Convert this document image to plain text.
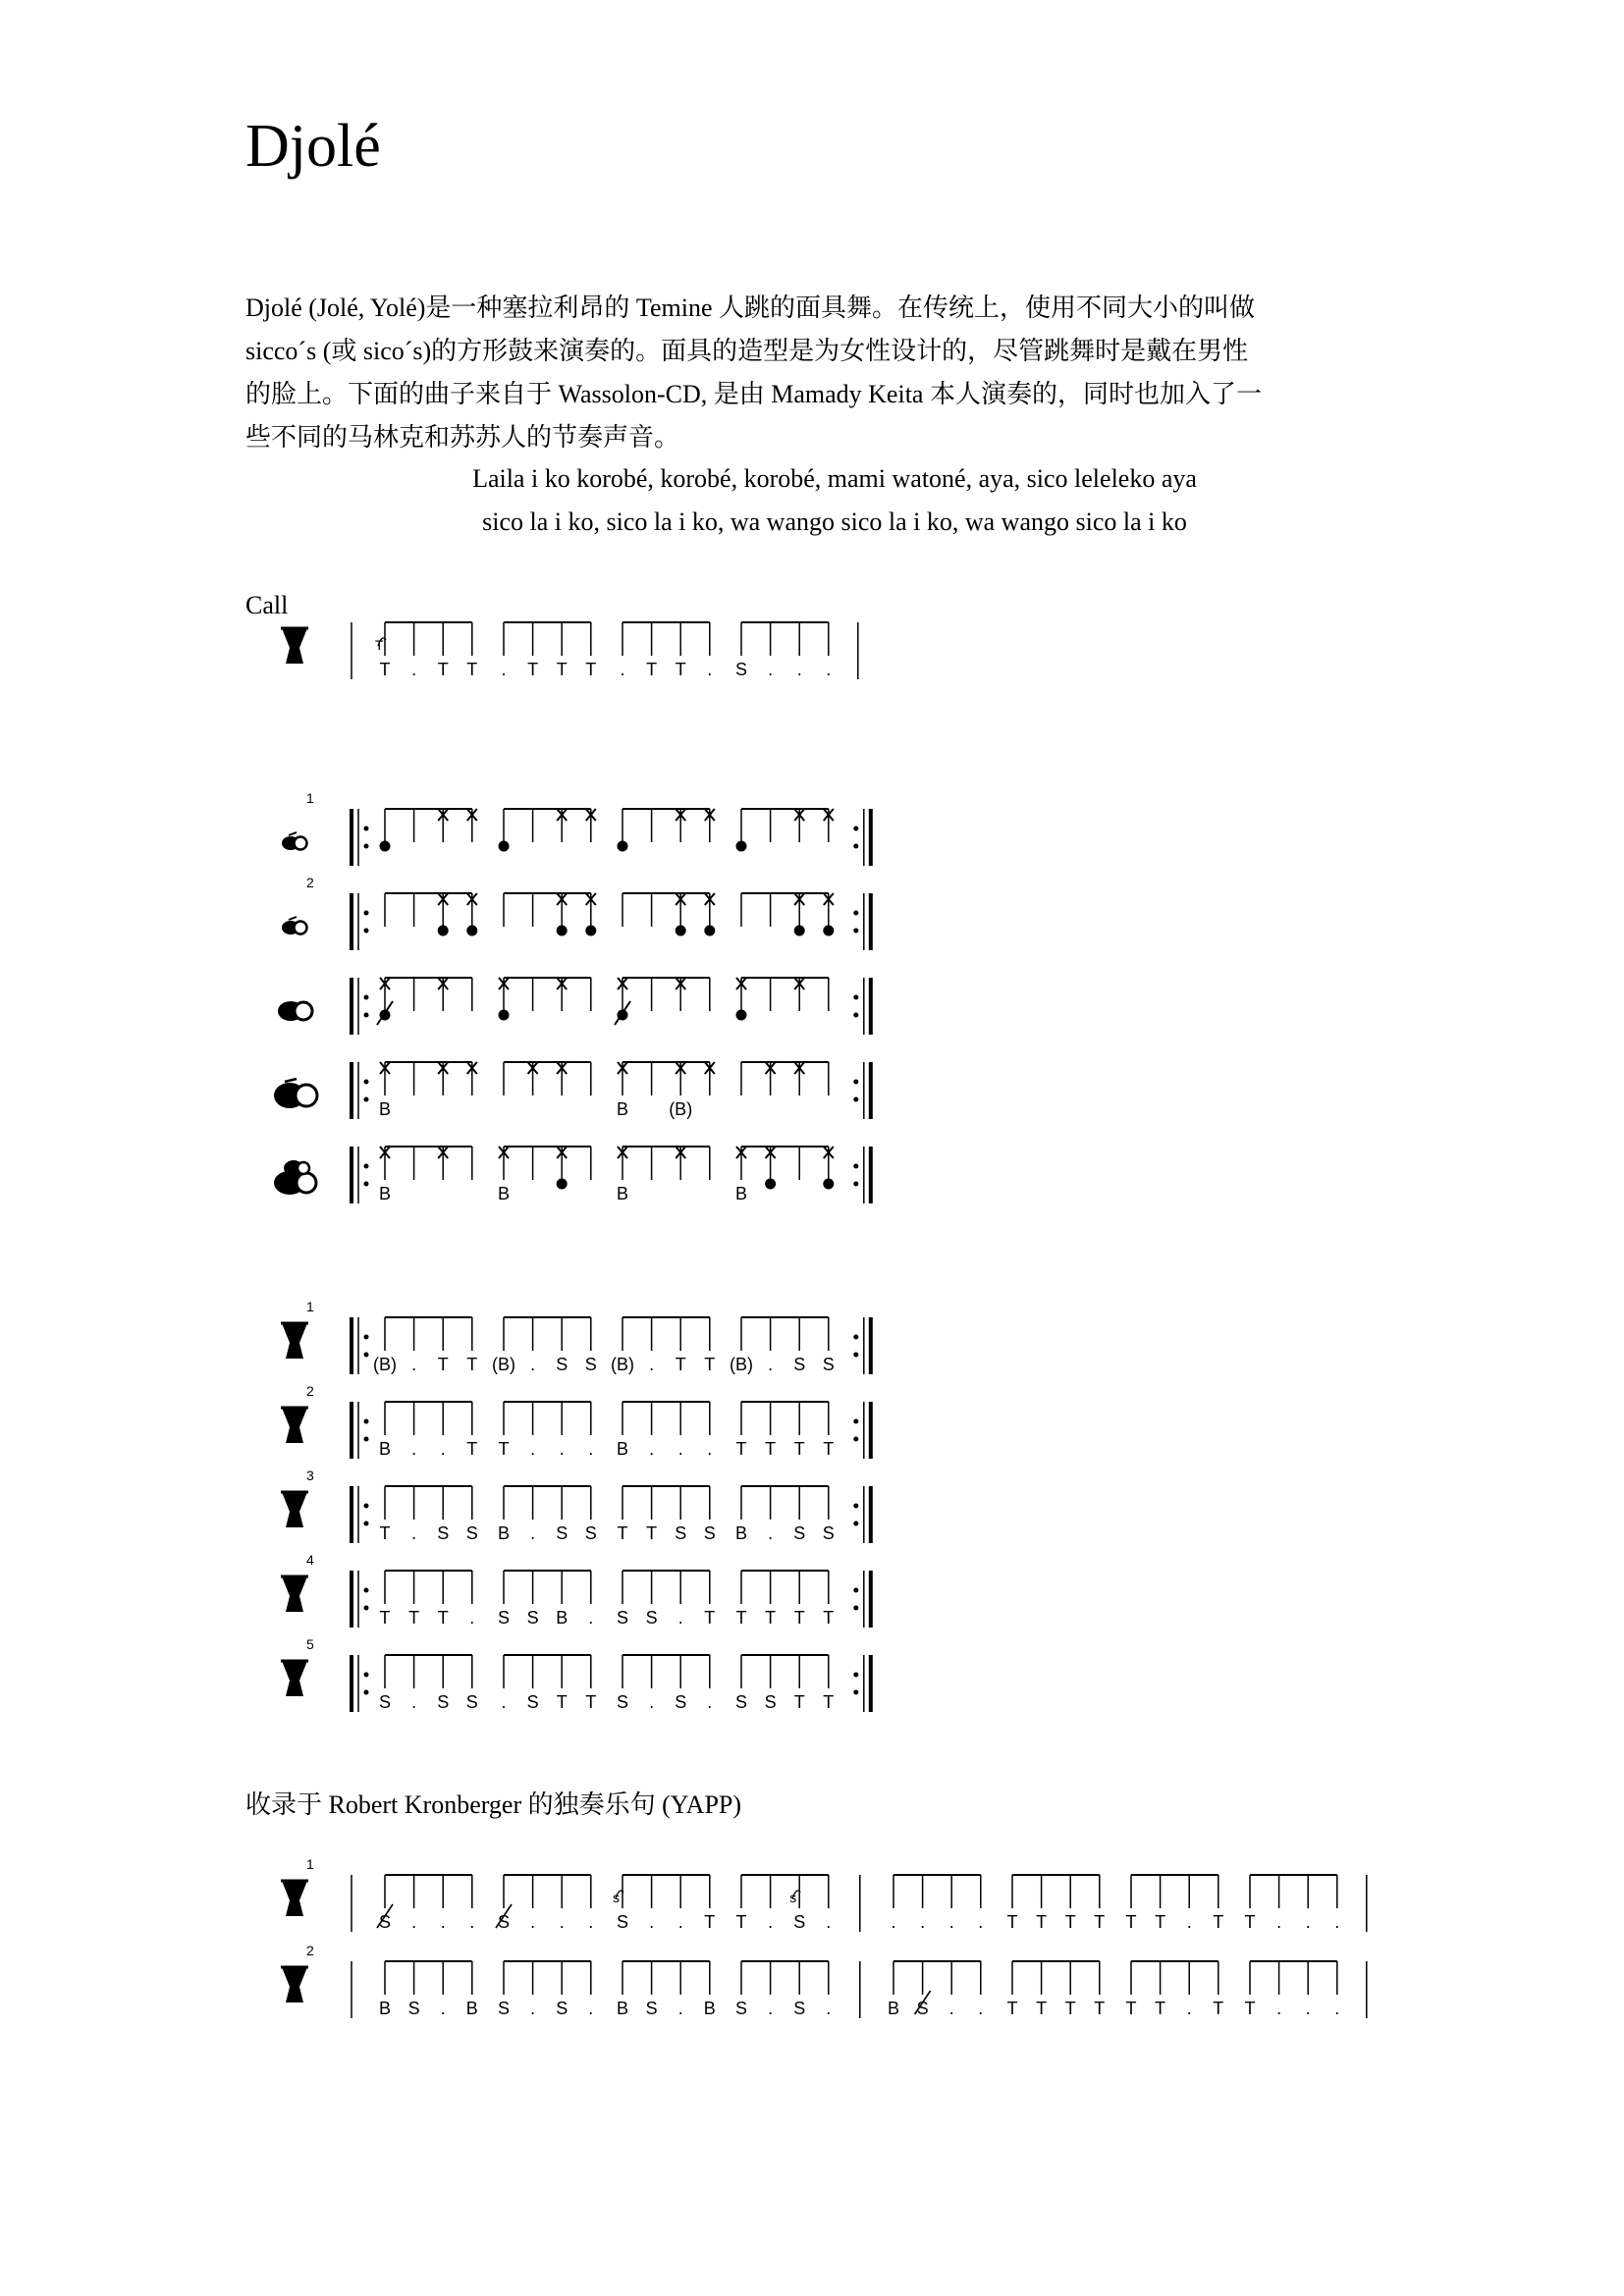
Djolé

Djolé (Jolé, Yolé)是一种塞拉利昂的 Temine 人跳的面具舞。在传统上，使用不同大小的叫做

sicco´s (或 sico´s)的方形鼓来演奏的。面具的造型是为女性设计的，尽管跳舞时是戴在男性

的脸上。下面的曲子来自于 Wassolon-CD, 是由 Mamady Keita 本人演奏的，同时也加入了一

些不同的马林克和苏苏人的节奏声音。

Laila i ko korobé, korobé, korobé, mami watoné, aya, sico leleleko aya

sico la i ko, sico la i ko, wa wango sico la i ko, wa wango sico la i ko

Call
收录于 Robert Kronberger 的独奏乐句 (YAPP)
T
T . T T . T T T . T T . S . . .
1
2
B	B (B)
B	B	B	B
1
(B) . T T (B) . S S (B) . T T (B) . S S
2
B . . T T . . . B . . . T T T T
3
T . S S B . S S T T S S B . S S
4
T T T . S S B . S S . T T T T T
5
S . S S . S T T S . S . S S T T
1
s	s
S . . . S . . . S . . T T . S .	. . . . T T T T T T . T T . . .
2
B S . B S . S . B S . B S . S .	B S . . T T T T T T . T T . . .
